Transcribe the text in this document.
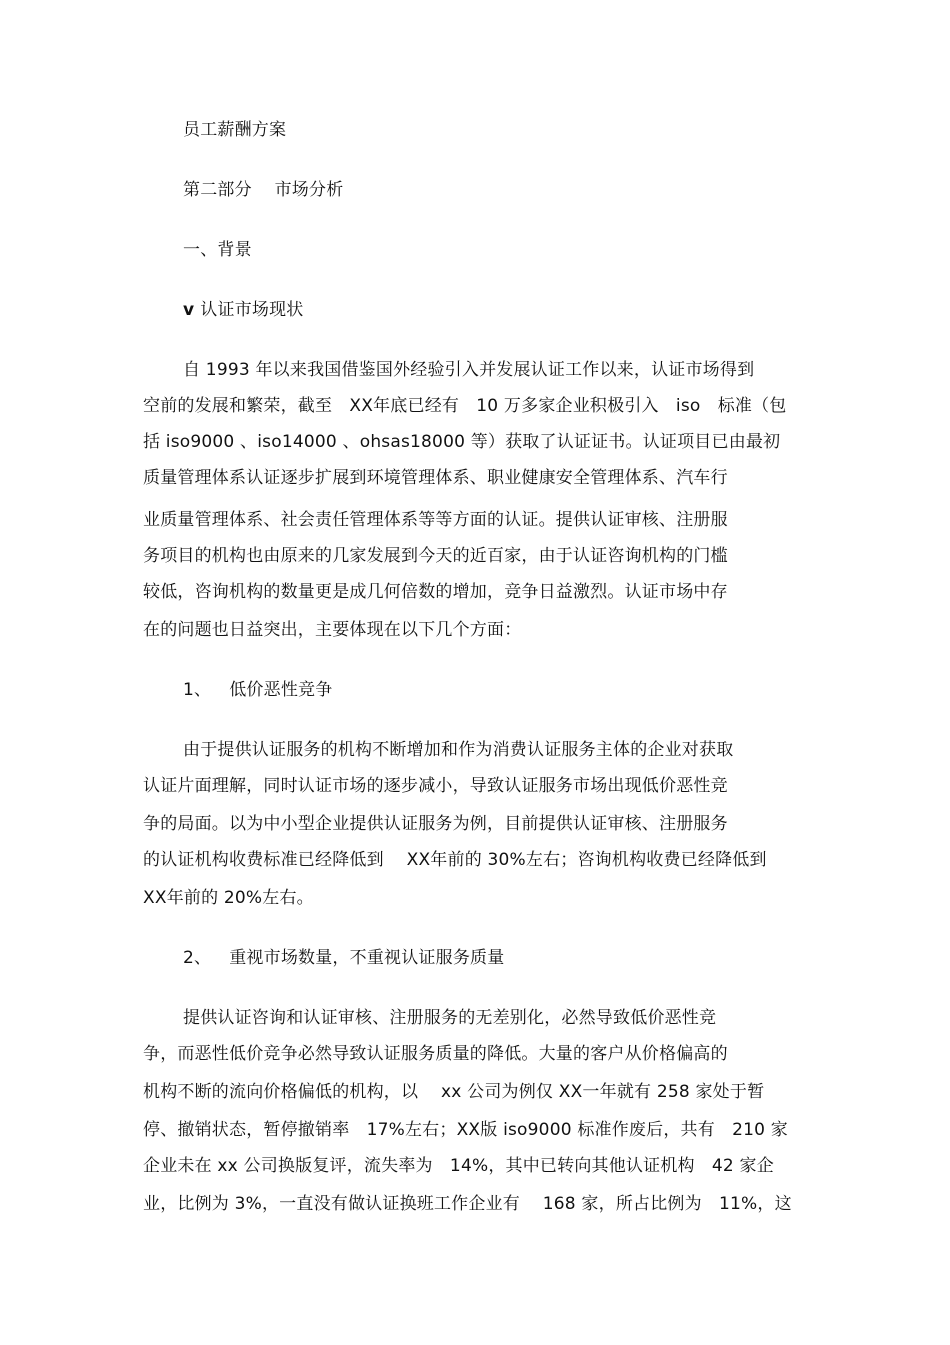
员工薪酬方案
第二部分　 市场分析
一、背景
v 认证市场现状
自 1993 年以来我国借鉴国外经验引入并发展认证工作以来，认证市场得到
空前的发展和繁荣，截至　XX年底已经有　10 万多家企业积极引入　iso　标准（包
括 iso9000 、iso14000 、ohsas18000 等）获取了认证证书。认证项目已由最初
质量管理体系认证逐步扩展到环境管理体系、职业健康安全管理体系、汽车行
业质量管理体系、社会责任管理体系等等方面的认证。提供认证审核、注册服
务项目的机构也由原来的几家发展到今天的近百家，由于认证咨询机构的门槛
较低，咨询机构的数量更是成几何倍数的增加，竞争日益激烈。认证市场中存
在的问题也日益突出，主要体现在以下几个方面：
1、 低价恶性竞争
由于提供认证服务的机构不断增加和作为消费认证服务主体的企业对获取
认证片面理解，同时认证市场的逐步减小，导致认证服务市场出现低价恶性竞
争的局面。以为中小型企业提供认证服务为例，目前提供认证审核、注册服务
的认证机构收费标准已经降低到　 XX年前的 30%左右；咨询机构收费已经降低到
XX年前的 20%左右。
2、 重视市场数量，不重视认证服务质量
提供认证咨询和认证审核、注册服务的无差别化，必然导致低价恶性竞
争，而恶性低价竞争必然导致认证服务质量的降低。大量的客户从价格偏高的
机构不断的流向价格偏低的机构，以　 xx 公司为例仅 XX一年就有 258 家处于暂
停、撤销状态，暂停撤销率　17%左右；XX版 iso9000 标准作废后，共有　210 家
企业未在 xx 公司换版复评，流失率为　14%，其中已转向其他认证机构　42 家企
业，比例为 3%，一直没有做认证换班工作企业有　 168 家，所占比例为　11%，这
